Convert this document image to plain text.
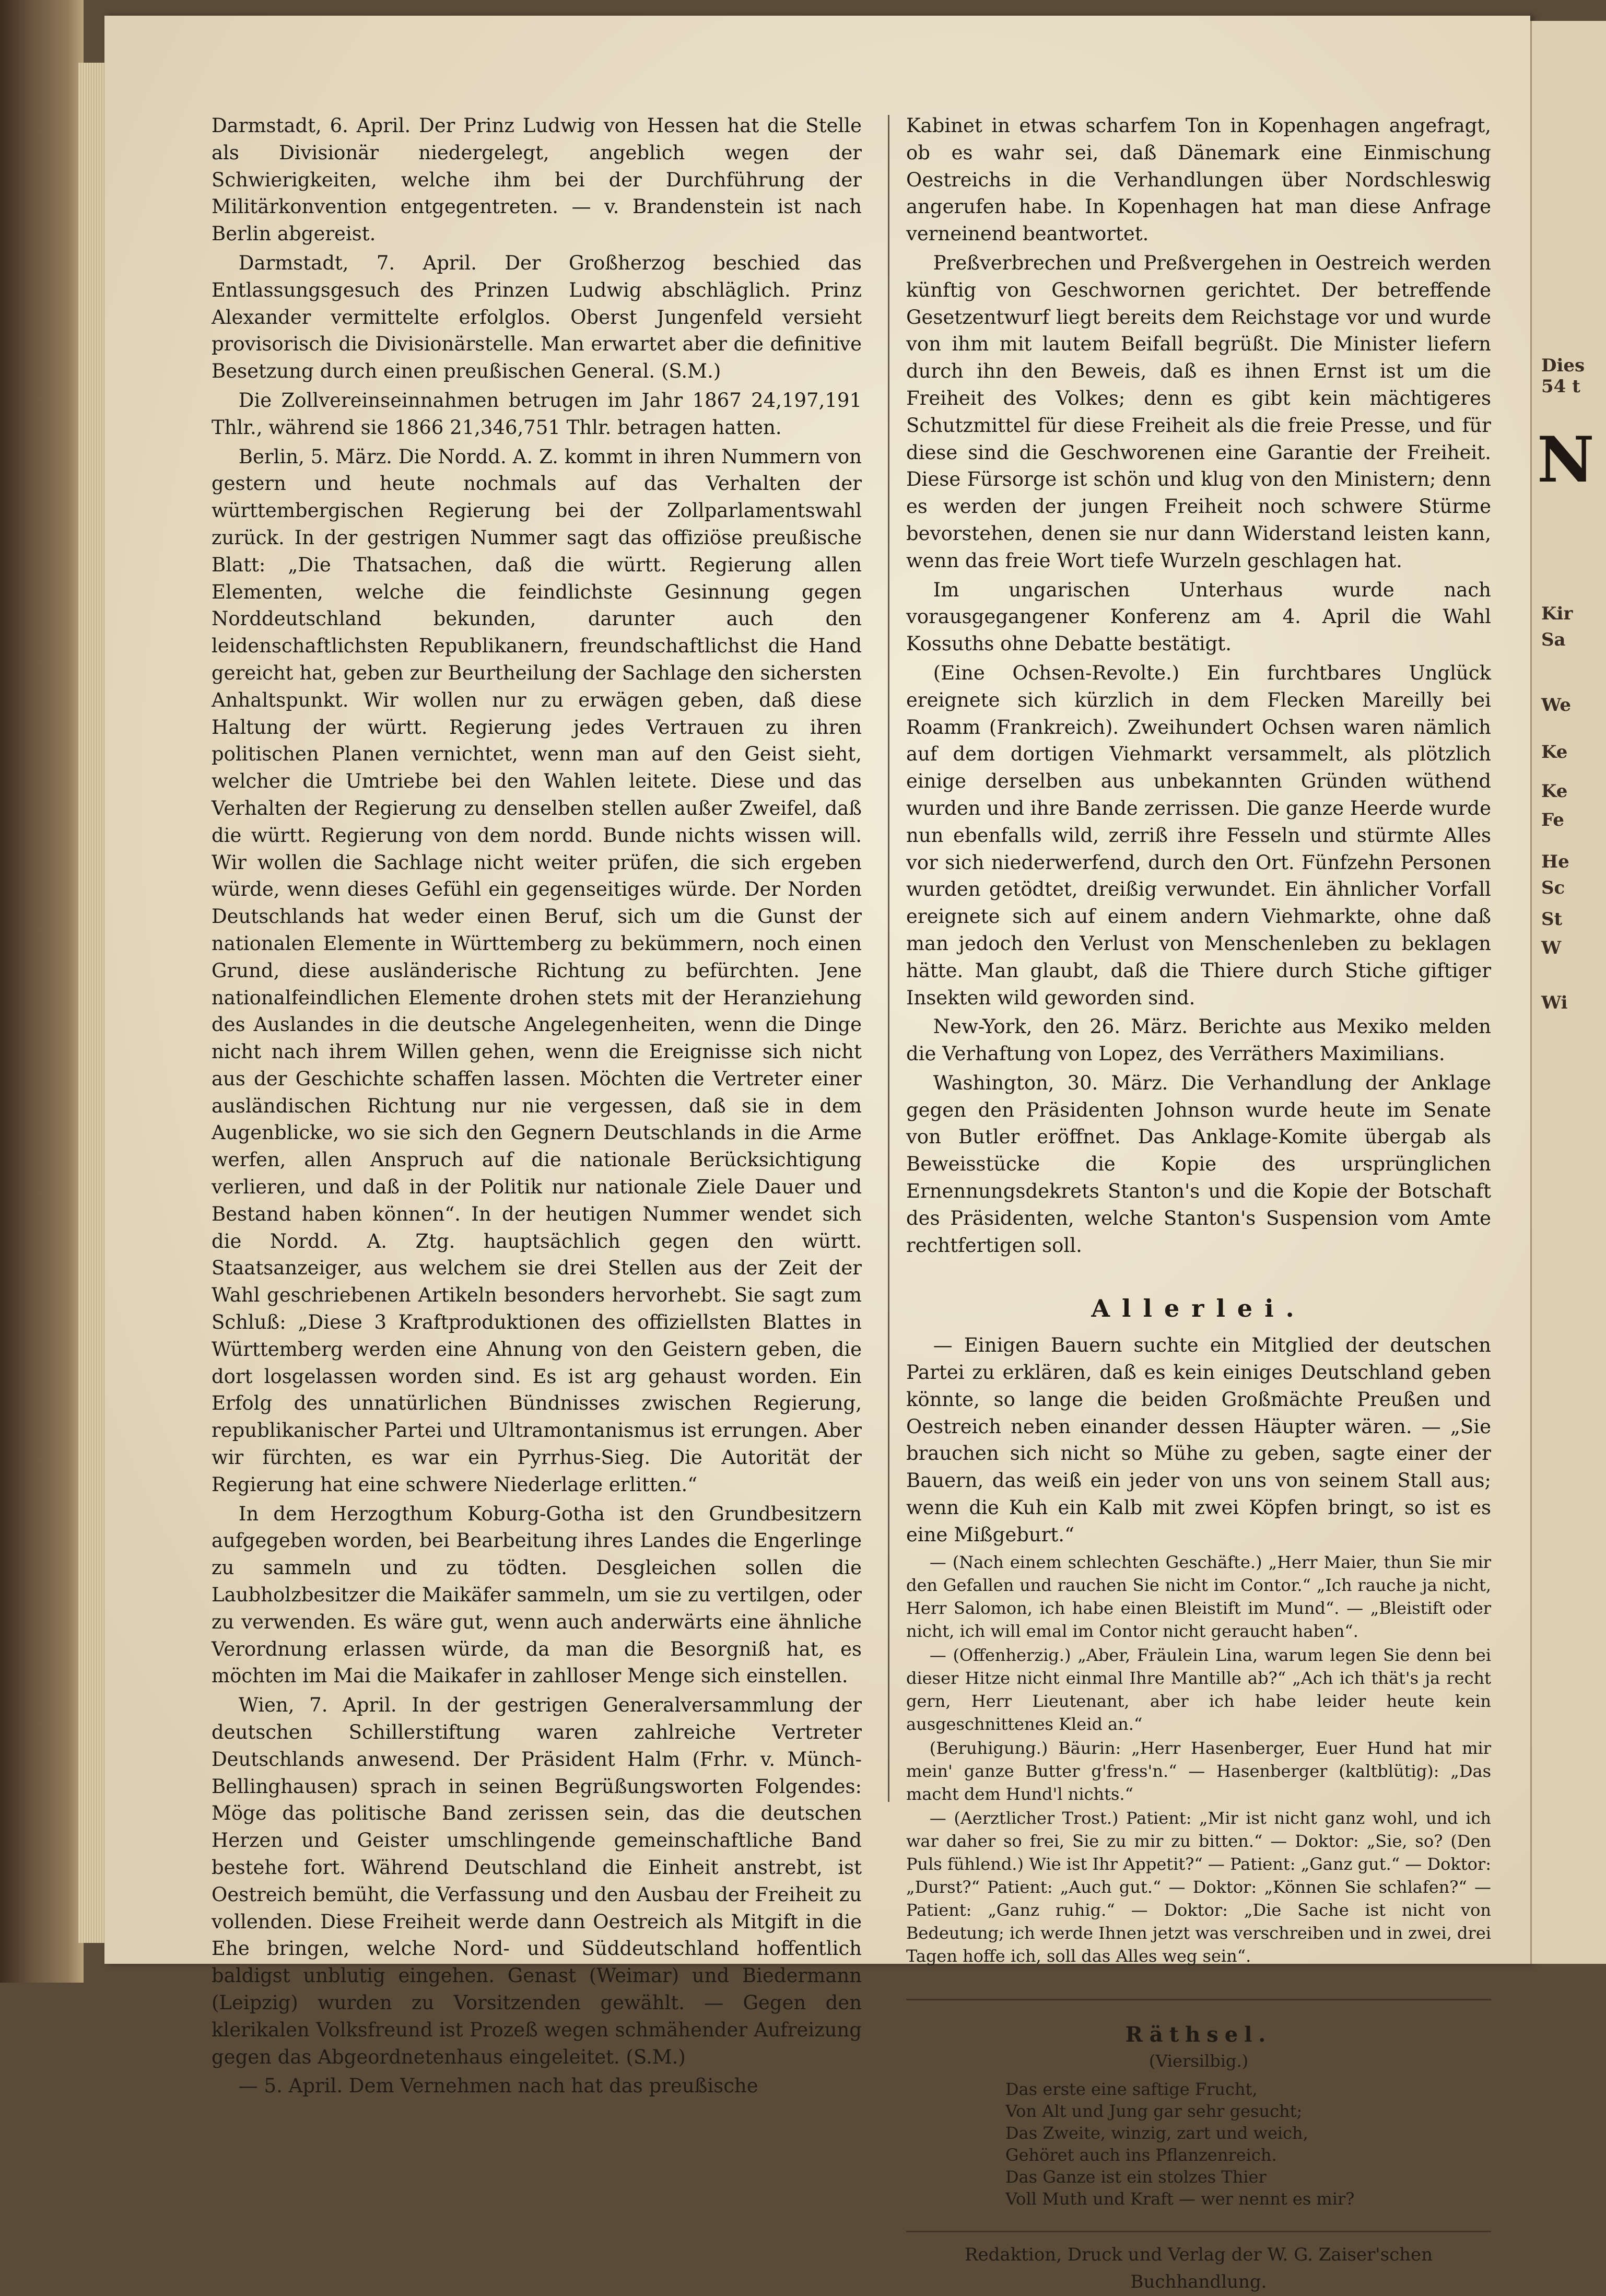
Darmstadt, 6. April. Der Prinz Ludwig von Hessen hat die Stelle als Divisionär niedergelegt, angeblich wegen der Schwierigkeiten, welche ihm bei der Durchführung der Militärkonvention entgegentreten. — v. Brandenstein ist nach Berlin abgereist.

Darmstadt, 7. April. Der Großherzog beschied das Entlassungsgesuch des Prinzen Ludwig abschläglich. Prinz Alexander vermittelte erfolglos. Oberst Jungenfeld versieht provisorisch die Divisionärstelle. Man erwartet aber die definitive Besetzung durch einen preußischen General. (S.M.)

Die Zollvereinseinnahmen betrugen im Jahr 1867 24,197,191 Thlr., während sie 1866 21,346,751 Thlr. betragen hatten.

Berlin, 5. März. Die Nordd. A. Z. kommt in ihren Nummern von gestern und heute nochmals auf das Verhalten der württembergischen Regierung bei der Zollparlamentswahl zurück. In der gestrigen Nummer sagt das offiziöse preußische Blatt: „Die Thatsachen, daß die württ. Regierung allen Elementen, welche die feindlichste Gesinnung gegen Norddeutschland bekunden, darunter auch den leidenschaftlichsten Republikanern, freundschaftlichst die Hand gereicht hat, geben zur Beurtheilung der Sachlage den sichersten Anhaltspunkt. Wir wollen nur zu erwägen geben, daß diese Haltung der württ. Regierung jedes Vertrauen zu ihren politischen Planen vernichtet, wenn man auf den Geist sieht, welcher die Umtriebe bei den Wahlen leitete. Diese und das Verhalten der Regierung zu denselben stellen außer Zweifel, daß die württ. Regierung von dem nordd. Bunde nichts wissen will. Wir wollen die Sachlage nicht weiter prüfen, die sich ergeben würde, wenn dieses Gefühl ein gegenseitiges würde. Der Norden Deutschlands hat weder einen Beruf, sich um die Gunst der nationalen Elemente in Württemberg zu bekümmern, noch einen Grund, diese ausländerische Richtung zu befürchten. Jene nationalfeindlichen Elemente drohen stets mit der Heranziehung des Auslandes in die deutsche Angelegenheiten, wenn die Dinge nicht nach ihrem Willen gehen, wenn die Ereignisse sich nicht aus der Geschichte schaffen lassen. Möchten die Vertreter einer ausländischen Richtung nur nie vergessen, daß sie in dem Augenblicke, wo sie sich den Gegnern Deutschlands in die Arme werfen, allen Anspruch auf die nationale Berücksichtigung verlieren, und daß in der Politik nur nationale Ziele Dauer und Bestand haben können“. In der heutigen Nummer wendet sich die Nordd. A. Ztg. hauptsächlich gegen den württ. Staatsanzeiger, aus welchem sie drei Stellen aus der Zeit der Wahl geschriebenen Artikeln besonders hervorhebt. Sie sagt zum Schluß: „Diese 3 Kraftproduktionen des offiziellsten Blattes in Württemberg werden eine Ahnung von den Geistern geben, die dort losgelassen worden sind. Es ist arg gehaust worden. Ein Erfolg des unnatürlichen Bündnisses zwischen Regierung, republikanischer Partei und Ultramontanismus ist errungen. Aber wir fürchten, es war ein Pyrrhus-Sieg. Die Autorität der Regierung hat eine schwere Niederlage erlitten.“

In dem Herzogthum Koburg-Gotha ist den Grundbesitzern aufgegeben worden, bei Bearbeitung ihres Landes die Engerlinge zu sammeln und zu tödten. Desgleichen sollen die Laubholzbesitzer die Maikäfer sammeln, um sie zu vertilgen, oder zu verwenden. Es wäre gut, wenn auch anderwärts eine ähnliche Verordnung erlassen würde, da man die Besorgniß hat, es möchten im Mai die Maikafer in zahlloser Menge sich einstellen.

Wien, 7. April. In der gestrigen Generalversammlung der deutschen Schillerstiftung waren zahlreiche Vertreter Deutschlands anwesend. Der Präsident Halm (Frhr. v. Münch-Bellinghausen) sprach in seinen Begrüßungsworten Folgendes: Möge das politische Band zerissen sein, das die deutschen Herzen und Geister umschlingende gemeinschaftliche Band bestehe fort. Während Deutschland die Einheit anstrebt, ist Oestreich bemüht, die Verfassung und den Ausbau der Freiheit zu vollenden. Diese Freiheit werde dann Oestreich als Mitgift in die Ehe bringen, welche Nord- und Süddeutschland hoffentlich baldigst unblutig eingehen. Genast (Weimar) und Biedermann (Leipzig) wurden zu Vorsitzenden gewählt. — Gegen den klerikalen Volksfreund ist Prozeß wegen schmähender Aufreizung gegen das Abgeordnetenhaus eingeleitet. (S.M.)

— 5. April. Dem Vernehmen nach hat das preußische

Kabinet in etwas scharfem Ton in Kopenhagen angefragt, ob es wahr sei, daß Dänemark eine Einmischung Oestreichs in die Verhandlungen über Nordschleswig angerufen habe. In Kopenhagen hat man diese Anfrage verneinend beantwortet.

Preßverbrechen und Preßvergehen in Oestreich werden künftig von Geschwornen gerichtet. Der betreffende Gesetzentwurf liegt bereits dem Reichstage vor und wurde von ihm mit lautem Beifall begrüßt. Die Minister liefern durch ihn den Beweis, daß es ihnen Ernst ist um die Freiheit des Volkes; denn es gibt kein mächtigeres Schutzmittel für diese Freiheit als die freie Presse, und für diese sind die Geschworenen eine Garantie der Freiheit. Diese Fürsorge ist schön und klug von den Ministern; denn es werden der jungen Freiheit noch schwere Stürme bevorstehen, denen sie nur dann Widerstand leisten kann, wenn das freie Wort tiefe Wurzeln geschlagen hat.

Im ungarischen Unterhaus wurde nach vorausgegangener Konferenz am 4. April die Wahl Kossuths ohne Debatte bestätigt.

(Eine Ochsen-Revolte.) Ein furchtbares Unglück ereignete sich kürzlich in dem Flecken Mareilly bei Roamm (Frankreich). Zweihundert Ochsen waren nämlich auf dem dortigen Viehmarkt versammelt, als plötzlich einige derselben aus unbekannten Gründen wüthend wurden und ihre Bande zerrissen. Die ganze Heerde wurde nun ebenfalls wild, zerriß ihre Fesseln und stürmte Alles vor sich niederwerfend, durch den Ort. Fünfzehn Personen wurden getödtet, dreißig verwundet. Ein ähnlicher Vorfall ereignete sich auf einem andern Viehmarkte, ohne daß man jedoch den Verlust von Menschenleben zu beklagen hätte. Man glaubt, daß die Thiere durch Stiche giftiger Insekten wild geworden sind.

New-York, den 26. März. Berichte aus Mexiko melden die Verhaftung von Lopez, des Verräthers Maximilians.

Washington, 30. März. Die Verhandlung der Anklage gegen den Präsidenten Johnson wurde heute im Senate von Butler eröffnet. Das Anklage-Komite übergab als Beweisstücke die Kopie des ursprünglichen Ernennungsdekrets Stanton's und die Kopie der Botschaft des Präsidenten, welche Stanton's Suspension vom Amte rechtfertigen soll.

Allerlei.

— Einigen Bauern suchte ein Mitglied der deutschen Partei zu erklären, daß es kein einiges Deutschland geben könnte, so lange die beiden Großmächte Preußen und Oestreich neben einander dessen Häupter wären. — „Sie brauchen sich nicht so Mühe zu geben, sagte einer der Bauern, das weiß ein jeder von uns von seinem Stall aus; wenn die Kuh ein Kalb mit zwei Köpfen bringt, so ist es eine Mißgeburt.“

— (Nach einem schlechten Geschäfte.) „Herr Maier, thun Sie mir den Gefallen und rauchen Sie nicht im Contor.“ „Ich rauche ja nicht, Herr Salomon, ich habe einen Bleistift im Mund“. — „Bleistift oder nicht, ich will emal im Contor nicht geraucht haben“.

— (Offenherzig.) „Aber, Fräulein Lina, warum legen Sie denn bei dieser Hitze nicht einmal Ihre Mantille ab?“ „Ach ich thät's ja recht gern, Herr Lieutenant, aber ich habe leider heute kein ausgeschnittenes Kleid an.“

(Beruhigung.) Bäurin: „Herr Hasenberger, Euer Hund hat mir mein' ganze Butter g'fress'n.“ — Hasenberger (kaltblütig): „Das macht dem Hund'l nichts.“

— (Aerztlicher Trost.) Patient: „Mir ist nicht ganz wohl, und ich war daher so frei, Sie zu mir zu bitten.“ — Doktor: „Sie, so? (Den Puls fühlend.) Wie ist Ihr Appetit?“ — Patient: „Ganz gut.“ — Doktor: „Durst?“ Patient: „Auch gut.“ — Doktor: „Können Sie schlafen?“ — Patient: „Ganz ruhig.“ — Doktor: „Die Sache ist nicht von Bedeutung; ich werde Ihnen jetzt was verschreiben und in zwei, drei Tagen hoffe ich, soll das Alles weg sein“.

Räthsel.
(Viersilbig.)
Das erste eine saftige Frucht,
Von Alt und Jung gar sehr gesucht;
Das Zweite, winzig, zart und weich,
Gehöret auch ins Pflanzenreich.
Das Ganze ist ein stolzes Thier
Voll Muth und Kraft — wer nennt es mir?
Redaktion, Druck und Verlag der W. G. Zaiser'schen Buchhandlung.
Dies
54 t
N
Kir
Sa
We
Ke
Ke
Fe
He
Sc
St
W
Wi
